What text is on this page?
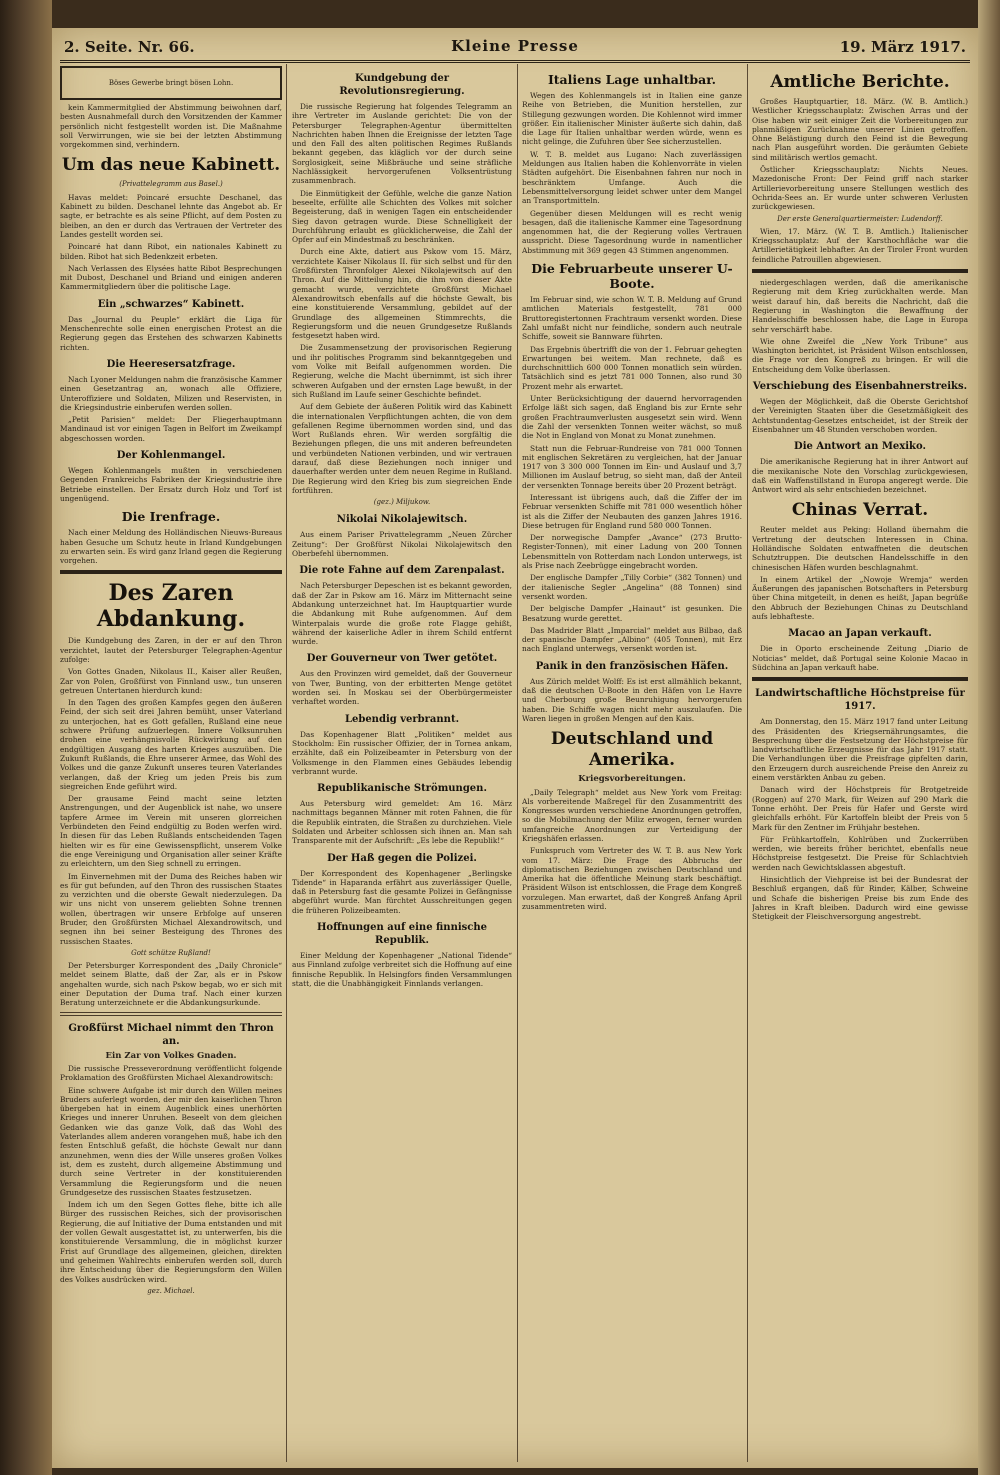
2. Seite. Nr. 66.	Kleine Presse	19. März 1917.
Böses Gewerbe bringt bösen Lohn.

kein Kammermitglied der Abstimmung beiwohnen darf, besten Ausnahmefall durch den Vorsitzenden der Kammer persönlich nicht festgestellt worden ist. Die Maßnahme soll Verwirrungen, wie sie bei der letzten Abstimmung vorgekommen sind, verhindern.

Um das neue Kabinett.
(Privattelegramm aus Basel.)

Havas meldet: Poincaré ersuchte Deschanel, das Kabinett zu bilden. Deschanel lehnte das Angebot ab. Er sagte, er betrachte es als seine Pflicht, auf dem Posten zu bleiben, an den er durch das Vertrauen der Vertreter des Landes gestellt worden sei.

Poincaré hat dann Ribot, ein nationales Kabinett zu bilden. Ribot hat sich Bedenkzeit erbeten.

Nach Verlassen des Elysées hatte Ribot Besprechungen mit Dubost, Deschanel und Briand und einigen anderen Kammermitgliedern über die politische Lage.

Ein „schwarzes“ Kabinett.

Das „Journal du Peuple“ erklärt die Liga für Menschenrechte solle einen energischen Protest an die Regierung gegen das Erstehen des schwarzen Kabinetts richten.

Die Heeresersatzfrage.

Nach Lyoner Meldungen nahm die französische Kammer einen Gesetzantrag an, wonach alle Offiziere, Unteroffiziere und Soldaten, Milizen und Reservisten, in die Kriegsindustrie einberufen werden sollen.

„Petit Parisien“ meldet: Der Fliegerhauptmann Mandinaud ist vor einigen Tagen in Belfort im Zweikampf abgeschossen worden.

Der Kohlenmangel.

Wegen Kohlenmangels mußten in verschiedenen Gegenden Frankreichs Fabriken der Kriegsindustrie ihre Betriebe einstellen. Der Ersatz durch Holz und Torf ist ungenügend.

Die Irenfrage.

Nach einer Meldung des Holländischen Nieuws-Bureaus haben Gesuche um Schutz heute in Irland Kundgebungen zu erwarten sein. Es wird ganz Irland gegen die Regierung vorgehen.

Des Zaren Abdankung.

Die Kundgebung des Zaren, in der er auf den Thron verzichtet, lautet der Petersburger Telegraphen-Agentur zufolge:

Von Gottes Gnaden, Nikolaus II., Kaiser aller Reußen, Zar von Polen, Großfürst von Finnland usw., tun unseren getreuen Untertanen hierdurch kund:

In den Tagen des großen Kampfes gegen den äußeren Feind, der sich seit drei Jahren bemüht, unser Vaterland zu unterjochen, hat es Gott gefallen, Rußland eine neue schwere Prüfung aufzuerlegen. Innere Volksunruhen drohen eine verhängnisvolle Rückwirkung auf den endgültigen Ausgang des harten Krieges auszuüben. Die Zukunft Rußlands, die Ehre unserer Armee, das Wohl des Volkes und die ganze Zukunft unseres teuren Vaterlandes verlangen, daß der Krieg um jeden Preis bis zum siegreichen Ende geführt wird.

Der grausame Feind macht seine letzten Anstrengungen, und der Augenblick ist nahe, wo unsere tapfere Armee im Verein mit unseren glorreichen Verbündeten den Feind endgültig zu Boden werfen wird. In diesen für das Leben Rußlands entscheidenden Tagen hielten wir es für eine Gewissenspflicht, unserem Volke die enge Vereinigung und Organisation aller seiner Kräfte zu erleichtern, um den Sieg schnell zu erringen.

Im Einvernehmen mit der Duma des Reiches haben wir es für gut befunden, auf den Thron des russischen Staates zu verzichten und die oberste Gewalt niederzulegen. Da wir uns nicht von unserem geliebten Sohne trennen wollen, übertragen wir unsere Erbfolge auf unseren Bruder, den Großfürsten Michael Alexandrowitsch, und segnen ihn bei seiner Besteigung des Thrones des russischen Staates.

Gott schütze Rußland!

Der Petersburger Korrespondent des „Daily Chronicle“ meldet seinem Blatte, daß der Zar, als er in Pskow angehalten wurde, sich nach Pskow begab, wo er sich mit einer Deputation der Duma traf. Nach einer kurzen Beratung unterzeichnete er die Abdankungsurkunde.

Großfürst Michael nimmt den Thron an.
Ein Zar von Volkes Gnaden.

Die russische Presseverordnung veröffentlicht folgende Proklamation des Großfürsten Michael Alexandrowitsch:

Eine schwere Aufgabe ist mir durch den Willen meines Bruders auferlegt worden, der mir den kaiserlichen Thron übergeben hat in einem Augenblick eines unerhörten Krieges und innerer Unruhen. Beseelt von dem gleichen Gedanken wie das ganze Volk, daß das Wohl des Vaterlandes allem anderen vorangehen muß, habe ich den festen Entschluß gefaßt, die höchste Gewalt nur dann anzunehmen, wenn dies der Wille unseres großen Volkes ist, dem es zusteht, durch allgemeine Abstimmung und durch seine Vertreter in der konstituierenden Versammlung die Regierungsform und die neuen Grundgesetze des russischen Staates festzusetzen.

Indem ich um den Segen Gottes flehe, bitte ich alle Bürger des russischen Reiches, sich der provisorischen Regierung, die auf Initiative der Duma entstanden und mit der vollen Gewalt ausgestattet ist, zu unterwerfen, bis die konstituierende Versammlung, die in möglichst kurzer Frist auf Grundlage des allgemeinen, gleichen, direkten und geheimen Wahlrechts einberufen werden soll, durch ihre Entscheidung über die Regierungsform den Willen des Volkes ausdrücken wird.

gez. Michael.
Kundgebung der Revolutionsregierung.

Die russische Regierung hat folgendes Telegramm an ihre Vertreter im Auslande gerichtet: Die von der Petersburger Telegraphen-Agentur übermittelten Nachrichten haben Ihnen die Ereignisse der letzten Tage und den Fall des alten politischen Regimes Rußlands bekannt gegeben, das kläglich vor der durch seine Sorglosigkeit, seine Mißbräuche und seine sträfliche Nachlässigkeit hervorgerufenen Volksentrüstung zusammenbrach.

Die Einmütigkeit der Gefühle, welche die ganze Nation beseelte, erfüllte alle Schichten des Volkes mit solcher Begeisterung, daß in wenigen Tagen ein entscheidender Sieg davon getragen wurde. Diese Schnelligkeit der Durchführung erlaubt es glücklicherweise, die Zahl der Opfer auf ein Mindestmaß zu beschränken.

Durch eine Akte, datiert aus Pskow vom 15. März, verzichtete Kaiser Nikolaus II. für sich selbst und für den Großfürsten Thronfolger Alexei Nikolajewitsch auf den Thron. Auf die Mitteilung hin, die ihm von dieser Akte gemacht wurde, verzichtete Großfürst Michael Alexandrowitsch ebenfalls auf die höchste Gewalt, bis eine konstituierende Versammlung, gebildet auf der Grundlage des allgemeinen Stimmrechts, die Regierungsform und die neuen Grundgesetze Rußlands festgesetzt haben wird.

Die Zusammensetzung der provisorischen Regierung und ihr politisches Programm sind bekanntgegeben und vom Volke mit Beifall aufgenommen worden. Die Regierung, welche die Macht übernimmt, ist sich ihrer schweren Aufgaben und der ernsten Lage bewußt, in der sich Rußland im Laufe seiner Geschichte befindet.

Auf dem Gebiete der äußeren Politik wird das Kabinett die internationalen Verpflichtungen achten, die von dem gefallenen Regime übernommen worden sind, und das Wort Rußlands ehren. Wir werden sorgfältig die Beziehungen pflegen, die uns mit anderen befreundeten und verbündeten Nationen verbinden, und wir vertrauen darauf, daß diese Beziehungen noch inniger und dauerhafter werden unter dem neuen Regime in Rußland. Die Regierung wird den Krieg bis zum siegreichen Ende fortführen.

(gez.) Miljukow.
Nikolai Nikolajewitsch.

Aus einem Pariser Privattelegramm „Neuen Zürcher Zeitung“: Der Großfürst Nikolai Nikolajewitsch den Oberbefehl übernommen.

Die rote Fahne auf dem Zarenpalast.

Nach Petersburger Depeschen ist es bekannt geworden, daß der Zar in Pskow am 16. März im Mitternacht seine Abdankung unterzeichnet hat. Im Hauptquartier wurde die Abdankung mit Ruhe aufgenommen. Auf dem Winterpalais wurde die große rote Flagge gehißt, während der kaiserliche Adler in ihrem Schild entfernt wurde.

Der Gouverneur von Twer getötet.

Aus den Provinzen wird gemeldet, daß der Gouverneur von Twer, Bunting, von der erbitterten Menge getötet worden sei. In Moskau sei der Oberbürgermeister verhaftet worden.

Lebendig verbrannt.

Das Kopenhagener Blatt „Politiken“ meldet aus Stockholm: Ein russischer Offizier, der in Tornea ankam, erzählte, daß ein Polizeibeamter in Petersburg von der Volksmenge in den Flammen eines Gebäudes lebendig verbrannt wurde.

Republikanische Strömungen.

Aus Petersburg wird gemeldet: Am 16. März nachmittags begannen Männer mit roten Fahnen, die für die Republik eintraten, die Straßen zu durchziehen. Viele Soldaten und Arbeiter schlossen sich ihnen an. Man sah Transparente mit der Aufschrift: „Es lebe die Republik!“

Der Haß gegen die Polizei.

Der Korrespondent des Kopenhagener „Berlingske Tidende“ in Haparanda erfährt aus zuverlässiger Quelle, daß in Petersburg fast die gesamte Polizei in Gefängnisse abgeführt wurde. Man fürchtet Ausschreitungen gegen die früheren Polizeibeamten.

Hoffnungen auf eine finnische Republik.

Einer Meldung der Kopenhagener „National Tidende“ aus Finnland zufolge verbreitet sich die Hoffnung auf eine finnische Republik. In Helsingfors finden Versammlungen statt, die die Unabhängigkeit Finnlands verlangen.

Italiens Lage unhaltbar.

Wegen des Kohlenmangels ist in Italien eine ganze Reihe von Betrieben, die Munition herstellen, zur Stillegung gezwungen worden. Die Kohlennot wird immer größer. Ein italienischer Minister äußerte sich dahin, daß die Lage für Italien unhaltbar werden würde, wenn es nicht gelinge, die Zufuhren über See sicherzustellen.

W. T. B. meldet aus Lugano: Nach zuverlässigen Meldungen aus Italien haben die Kohlenvorräte in vielen Städten aufgehört. Die Eisenbahnen fahren nur noch in beschränktem Umfange. Auch die Lebensmittelversorgung leidet schwer unter dem Mangel an Transportmitteln.

Gegenüber diesen Meldungen will es recht wenig besagen, daß die italienische Kammer eine Tagesordnung angenommen hat, die der Regierung volles Vertrauen ausspricht. Diese Tagesordnung wurde in namentlicher Abstimmung mit 369 gegen 43 Stimmen angenommen.

Die Februarbeute unserer U-Boote.

Im Februar sind, wie schon W. T. B. Meldung auf Grund amtlichen Materials festgestellt, 781 000 Bruttoregistertonnen Frachtraum versenkt worden. Diese Zahl umfaßt nicht nur feindliche, sondern auch neutrale Schiffe, soweit sie Bannware führten.

Das Ergebnis übertrifft die von der 1. Februar gehegten Erwartungen bei weitem. Man rechnete, daß es durchschnittlich 600 000 Tonnen monatlich sein würden. Tatsächlich sind es jetzt 781 000 Tonnen, also rund 30 Prozent mehr als erwartet.

Unter Berücksichtigung der dauernd hervorragenden Erfolge läßt sich sagen, daß England bis zur Ernte sehr großen Frachtraumverlusten ausgesetzt sein wird. Wenn die Zahl der versenkten Tonnen weiter wächst, so muß die Not in England von Monat zu Monat zunehmen.

Statt nun die Februar-Rundreise von 781 000 Tonnen mit englischen Sekretären zu vergleichen, hat der Januar 1917 von 3 300 000 Tonnen im Ein- und Auslauf und 3,7 Millionen im Auslauf betrug, so sieht man, daß der Anteil der versenkten Tonnage bereits über 20 Prozent beträgt.

Interessant ist übrigens auch, daß die Ziffer der im Februar versenkten Schiffe mit 781 000 wesentlich höher ist als die Ziffer der Neubauten des ganzen Jahres 1916. Diese betrugen für England rund 580 000 Tonnen.

Der norwegische Dampfer „Avance“ (273 Brutto-Register-Tonnen), mit einer Ladung von 200 Tonnen Lebensmitteln von Rotterdam nach London unterwegs, ist als Prise nach Zeebrügge eingebracht worden.

Der englische Dampfer „Tilly Corbie“ (382 Tonnen) und der italienische Segler „Angelina“ (88 Tonnen) sind versenkt worden.

Der belgische Dampfer „Hainaut“ ist gesunken. Die Besatzung wurde gerettet.

Das Madrider Blatt „Imparcial“ meldet aus Bilbao, daß der spanische Dampfer „Albino“ (405 Tonnen), mit Erz nach England unterwegs, versenkt worden ist.

Panik in den französischen Häfen.

Aus Zürich meldet Wolff: Es ist erst allmählich bekannt, daß die deutschen U-Boote in den Häfen von Le Havre und Cherbourg große Beunruhigung hervorgerufen haben. Die Schiffe wagen nicht mehr auszulaufen. Die Waren liegen in großen Mengen auf den Kais.

Deutschland und Amerika.
Kriegsvorbereitungen.

„Daily Telegraph“ meldet aus New York vom Freitag: Als vorbereitende Maßregel für den Zusammentritt des Kongresses wurden verschiedene Anordnungen getroffen, so die Mobilmachung der Miliz erwogen, ferner wurden umfangreiche Anordnungen zur Verteidigung der Kriegshäfen erlassen.

Funkspruch vom Vertreter des W. T. B. aus New York vom 17. März: Die Frage des Abbruchs der diplomatischen Beziehungen zwischen Deutschland und Amerika hat die öffentliche Meinung stark beschäftigt. Präsident Wilson ist entschlossen, die Frage dem Kongreß vorzulegen. Man erwartet, daß der Kongreß Anfang April zusammentreten wird.

Amtliche Berichte.

Großes Hauptquartier, 18. März. (W. B. Amtlich.) Westlicher Kriegsschauplatz: Zwischen Arras und der Oise haben wir seit einiger Zeit die Vorbereitungen zur planmäßigen Zurücknahme unserer Linien getroffen. Ohne Belästigung durch den Feind ist die Bewegung nach Plan ausgeführt worden. Die geräumten Gebiete sind militärisch wertlos gemacht.

Östlicher Kriegsschauplatz: Nichts Neues. Mazedonische Front: Der Feind griff nach starker Artillerievorbereitung unsere Stellungen westlich des Ochrida-Sees an. Er wurde unter schweren Verlusten zurückgewiesen.

Der erste Generalquartiermeister: Ludendorff.

Wien, 17. März. (W. T. B. Amtlich.) Italienischer Kriegsschauplatz: Auf der Karsthochfläche war die Artillerietätigkeit lebhafter. An der Tiroler Front wurden feindliche Patrouillen abgewiesen.

niedergeschlagen werden, daß die amerikanische Regierung mit dem Krieg zurückhalten werde. Man weist darauf hin, daß bereits die Nachricht, daß die Regierung in Washington die Bewaffnung der Handelsschiffe beschlossen habe, die Lage in Europa sehr verschärft habe.

Wie ohne Zweifel die „New York Tribune“ aus Washington berichtet, ist Präsident Wilson entschlossen, die Frage vor den Kongreß zu bringen. Er will die Entscheidung dem Volke überlassen.

Verschiebung des Eisenbahnerstreiks.

Wegen der Möglichkeit, daß die Oberste Gerichtshof der Vereinigten Staaten über die Gesetzmäßigkeit des Achtstundentag-Gesetzes entscheidet, ist der Streik der Eisenbahner um 48 Stunden verschoben worden.

Die Antwort an Mexiko.

Die amerikanische Regierung hat in ihrer Antwort auf die mexikanische Note den Vorschlag zurückgewiesen, daß ein Waffenstillstand in Europa angeregt werde. Die Antwort wird als sehr entschieden bezeichnet.

Chinas Verrat.

Reuter meldet aus Peking: Holland übernahm die Vertretung der deutschen Interessen in China. Holländische Soldaten entwaffneten die deutschen Schutztruppen. Die deutschen Handelsschiffe in den chinesischen Häfen wurden beschlagnahmt.

In einem Artikel der „Nowoje Wremja“ werden Äußerungen des japanischen Botschafters in Petersburg über China mitgeteilt, in denen es heißt, Japan begrüße den Abbruch der Beziehungen Chinas zu Deutschland aufs lebhafteste.

Macao an Japan verkauft.

Die in Oporto erscheinende Zeitung „Diario de Noticias“ meldet, daß Portugal seine Kolonie Macao in Südchina an Japan verkauft habe.

Landwirtschaftliche Höchstpreise für 1917.

Am Donnerstag, den 15. März 1917 fand unter Leitung des Präsidenten des Kriegsernährungsamtes, die Besprechung über die Festsetzung der Höchstpreise für landwirtschaftliche Erzeugnisse für das Jahr 1917 statt. Die Verhandlungen über die Preisfrage gipfelten darin, den Erzeugern durch ausreichende Preise den Anreiz zu einem verstärkten Anbau zu geben.

Danach wird der Höchstpreis für Brotgetreide (Roggen) auf 270 Mark, für Weizen auf 290 Mark die Tonne erhöht. Der Preis für Hafer und Gerste wird gleichfalls erhöht. Für Kartoffeln bleibt der Preis von 5 Mark für den Zentner im Frühjahr bestehen.

Für Frühkartoffeln, Kohlrüben und Zuckerrüben werden, wie bereits früher berichtet, ebenfalls neue Höchstpreise festgesetzt. Die Preise für Schlachtvieh werden nach Gewichtsklassen abgestuft.

Hinsichtlich der Viehpreise ist bei der Bundesrat der Beschluß ergangen, daß für Rinder, Kälber, Schweine und Schafe die bisherigen Preise bis zum Ende des Jahres in Kraft bleiben. Dadurch wird eine gewisse Stetigkeit der Fleischversorgung angestrebt.
